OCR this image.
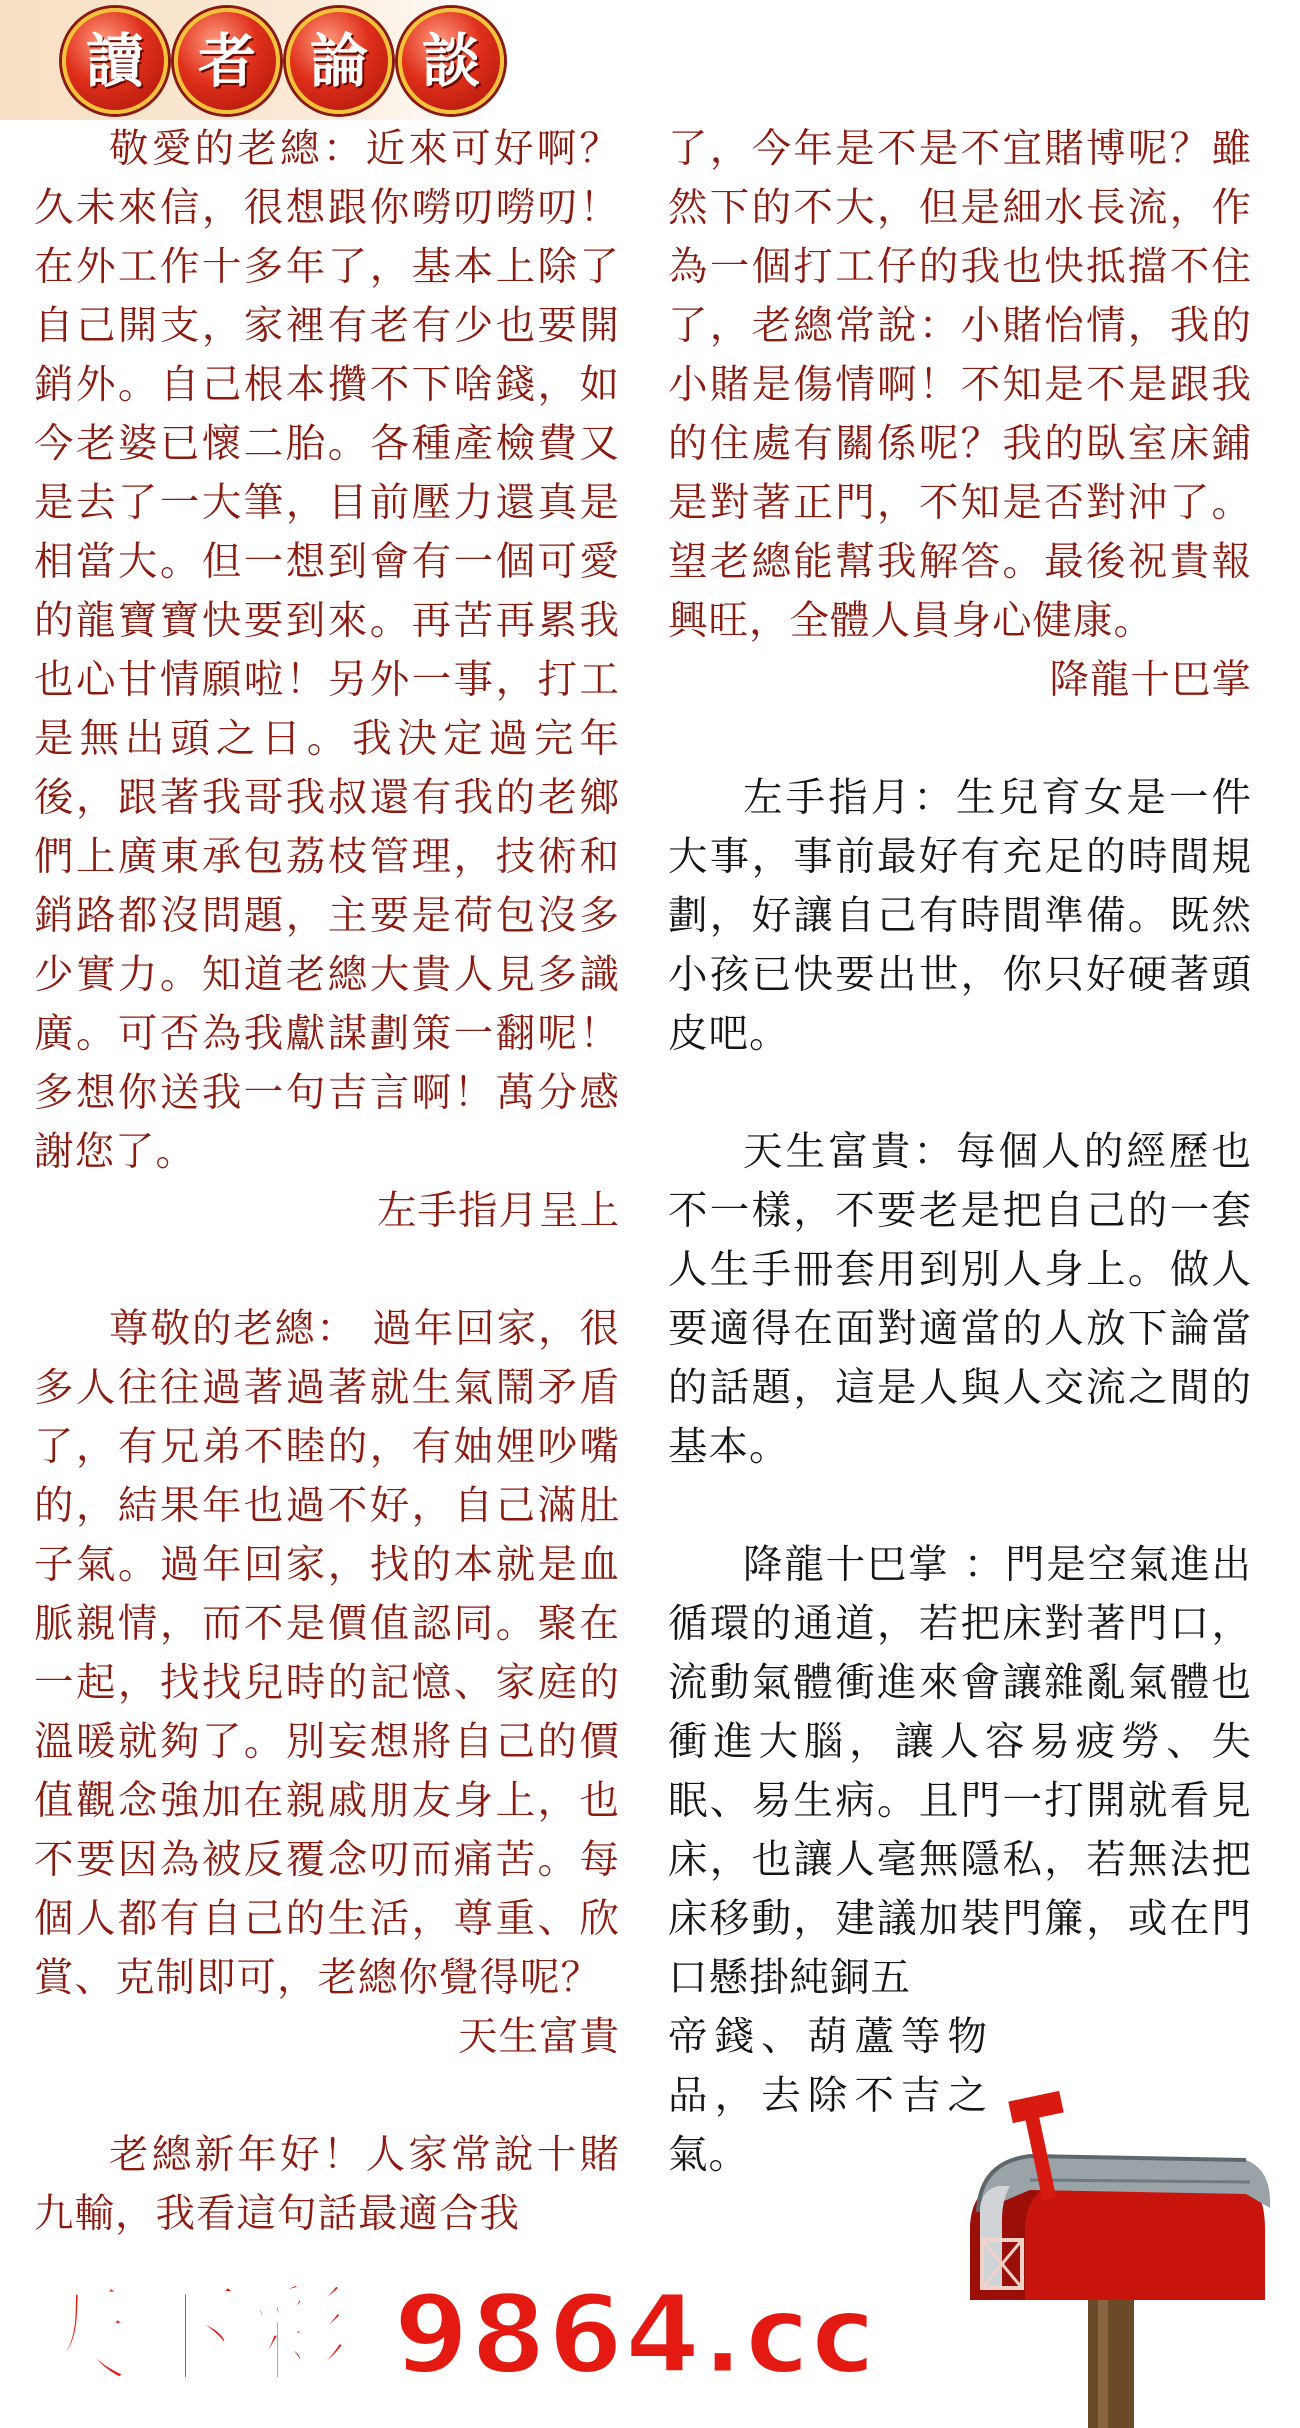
讀 者 論 談

敬愛的老總：近來可好啊？久未來信，很想跟你嘮叨嘮叨！在外工作十多年了，基本上除了自己開支，家裡有老有少也要開銷外。自己根本攢不下啥錢，如今老婆已懷二胎。各種產檢費又是去了一大筆，目前壓力還真是相當大。但一想到會有一個可愛的龍寶寶快要到來。再苦再累我也心甘情願啦！另外一事，打工是無出頭之日。我決定過完年後，跟著我哥我叔還有我的老鄉們上廣東承包荔枝管理，技術和銷路都沒問題，主要是荷包沒多少實力。知道老總大貴人見多識廣。可否為我獻謀劃策一翻呢！多想你送我一句吉言啊！萬分感謝您了。

左手指月呈上

尊敬的老總： 過年回家，很多人往往過著過著就生氣鬧矛盾了，有兄弟不睦的，有妯娌吵嘴的，結果年也過不好，自己滿肚子氣。過年回家，找的本就是血脈親情，而不是價值認同。聚在一起，找找兒時的記憶、家庭的溫暖就夠了。別妄想將自己的價值觀念強加在親戚朋友身上，也不要因為被反覆念叨而痛苦。每個人都有自己的生活，尊重、欣賞、克制即可，老總你覺得呢？

天生富貴

老總新年好！人家常說十賭九輸，我看這句話最適合我

了，今年是不是不宜賭博呢？雖然下的不大，但是細水長流，作為一個打工仔的我也快抵擋不住了，老總常說：小賭怡情，我的小賭是傷情啊！不知是不是跟我的住處有關係呢？我的臥室床鋪是對著正門，不知是否對沖了。望老總能幫我解答。最後祝貴報興旺，全體人員身心健康。

降龍十巴掌

左手指月：生兒育女是一件大事，事前最好有充足的時間規劃，好讓自己有時間準備。既然小孩已快要出世，你只好硬著頭皮吧。

天生富貴：每個人的經歷也不一樣，不要老是把自己的一套人生手冊套用到別人身上。做人要適得在面對適當的人放下論當的話題，這是人與人交流之間的基本。

降龍十巴掌 ：門是空氣進出循環的通道，若把床對著門口，流動氣體衝進來會讓雜亂氣體也衝進大腦，讓人容易疲勞、失眠、易生病。且門一打開就看見床，也讓人毫無隱私，若無法把床移動，建議加裝門簾，或在門口懸掛純銅五

帝錢、葫蘆等物品，去除不吉之氣。

天下彩 9864.cc
